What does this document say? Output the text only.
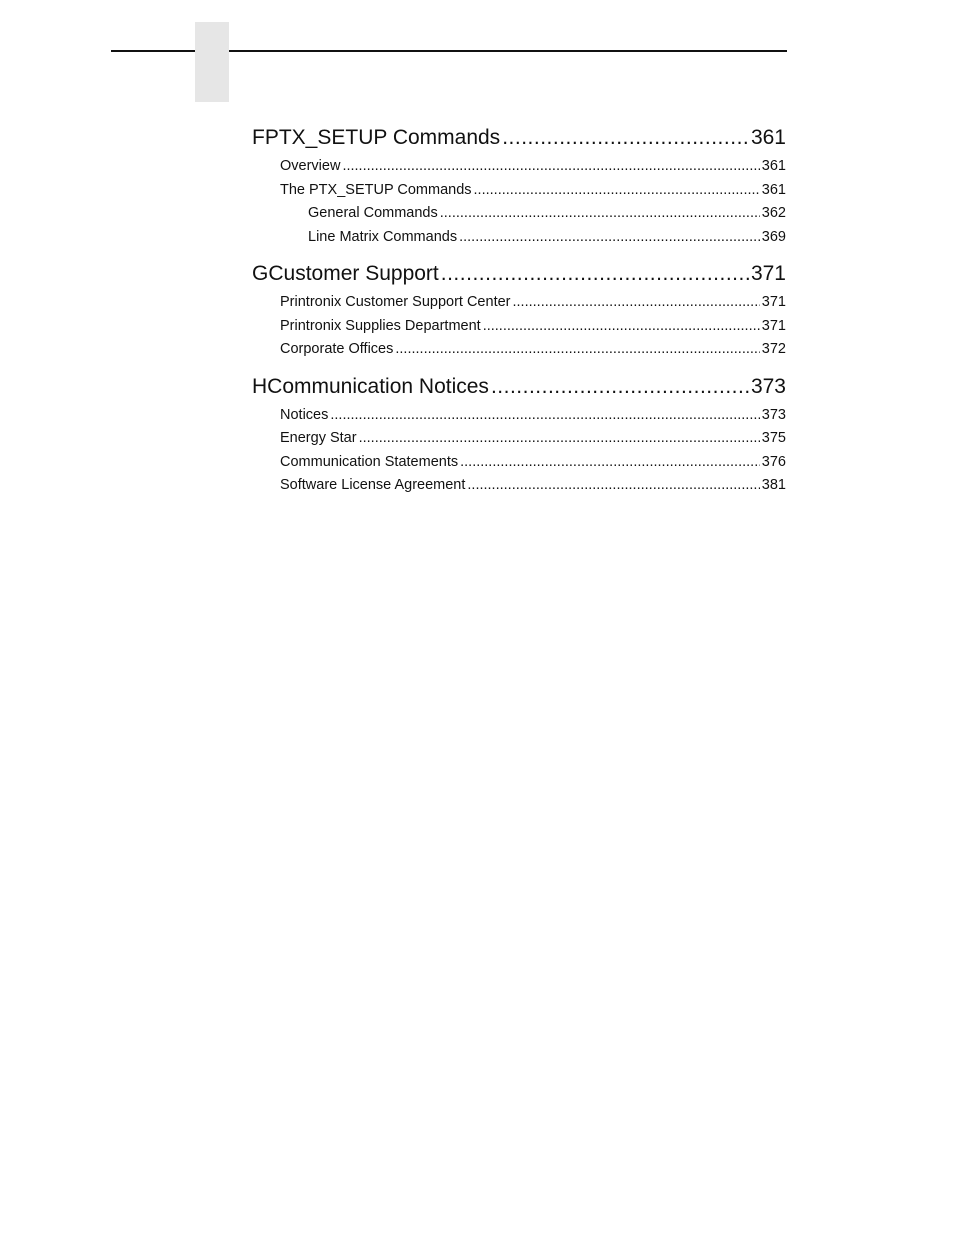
F PTX_SETUP Commands .....	361
Overview .....	361
The PTX_SETUP Commands .....	361
General Commands .....	362
Line Matrix Commands .....	369
G Customer Support .....	371
Printronix Customer Support Center .....	371
Printronix Supplies Department .....	371
Corporate Offices .....	372
H Communication Notices .....	373
Notices .....	373
Energy Star .....	375
Communication Statements .....	376
Software License Agreement .....	381
